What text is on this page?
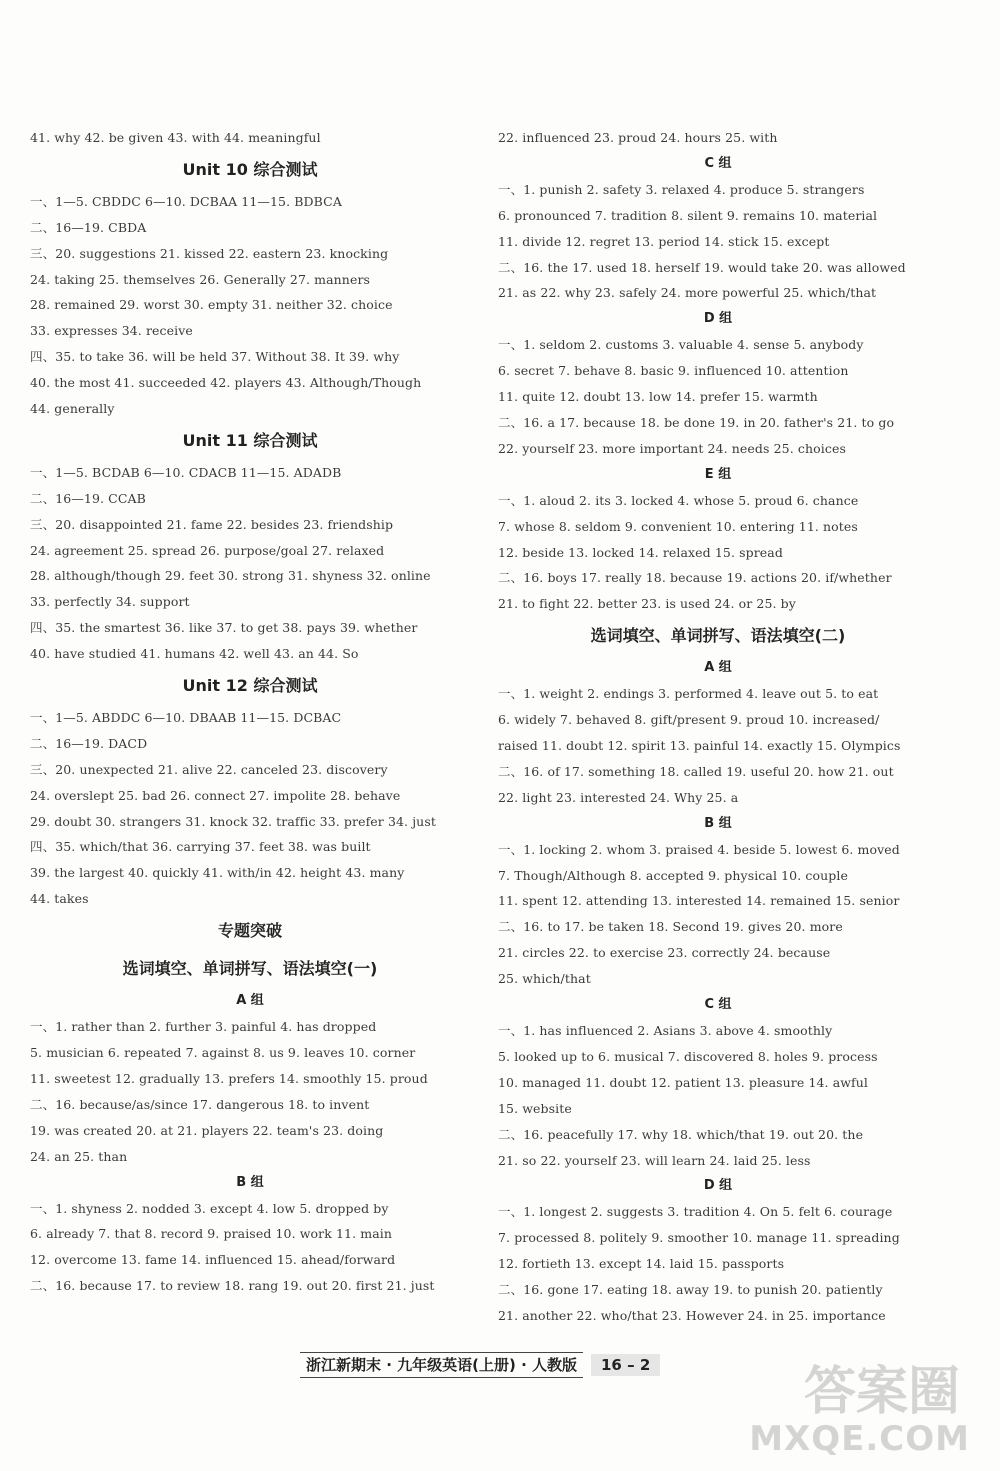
41. why 42. be given 43. with 44. meaningful
Unit 10 综合测试
一、1—5. CBDDC 6—10. DCBAA 11—15. BDBCA
二、16—19. CBDA
三、20. suggestions 21. kissed 22. eastern 23. knocking
24. taking 25. themselves 26. Generally 27. manners
28. remained 29. worst 30. empty 31. neither 32. choice
33. expresses 34. receive
四、35. to take 36. will be held 37. Without 38. It 39. why
40. the most 41. succeeded 42. players 43. Although/Though
44. generally
Unit 11 综合测试
一、1—5. BCDAB 6—10. CDACB 11—15. ADADB
二、16—19. CCAB
三、20. disappointed 21. fame 22. besides 23. friendship
24. agreement 25. spread 26. purpose/goal 27. relaxed
28. although/though 29. feet 30. strong 31. shyness 32. online
33. perfectly 34. support
四、35. the smartest 36. like 37. to get 38. pays 39. whether
40. have studied 41. humans 42. well 43. an 44. So
Unit 12 综合测试
一、1—5. ABDDC 6—10. DBAAB 11—15. DCBAC
二、16—19. DACD
三、20. unexpected 21. alive 22. canceled 23. discovery
24. overslept 25. bad 26. connect 27. impolite 28. behave
29. doubt 30. strangers 31. knock 32. traffic 33. prefer 34. just
四、35. which/that 36. carrying 37. feet 38. was built
39. the largest 40. quickly 41. with/in 42. height 43. many
44. takes
专题突破
选词填空、单词拼写、语法填空(一)
A 组
一、1. rather than 2. further 3. painful 4. has dropped
5. musician 6. repeated 7. against 8. us 9. leaves 10. corner
11. sweetest 12. gradually 13. prefers 14. smoothly 15. proud
二、16. because/as/since 17. dangerous 18. to invent
19. was created 20. at 21. players 22. team's 23. doing
24. an 25. than
B 组
一、1. shyness 2. nodded 3. except 4. low 5. dropped by
6. already 7. that 8. record 9. praised 10. work 11. main
12. overcome 13. fame 14. influenced 15. ahead/forward
二、16. because 17. to review 18. rang 19. out 20. first 21. just
22. influenced 23. proud 24. hours 25. with
C 组
一、1. punish 2. safety 3. relaxed 4. produce 5. strangers
6. pronounced 7. tradition 8. silent 9. remains 10. material
11. divide 12. regret 13. period 14. stick 15. except
二、16. the 17. used 18. herself 19. would take 20. was allowed
21. as 22. why 23. safely 24. more powerful 25. which/that
D 组
一、1. seldom 2. customs 3. valuable 4. sense 5. anybody
6. secret 7. behave 8. basic 9. influenced 10. attention
11. quite 12. doubt 13. low 14. prefer 15. warmth
二、16. a 17. because 18. be done 19. in 20. father's 21. to go
22. yourself 23. more important 24. needs 25. choices
E 组
一、1. aloud 2. its 3. locked 4. whose 5. proud 6. chance
7. whose 8. seldom 9. convenient 10. entering 11. notes
12. beside 13. locked 14. relaxed 15. spread
二、16. boys 17. really 18. because 19. actions 20. if/whether
21. to fight 22. better 23. is used 24. or 25. by
选词填空、单词拼写、语法填空(二)
A 组
一、1. weight 2. endings 3. performed 4. leave out 5. to eat
6. widely 7. behaved 8. gift/present 9. proud 10. increased/
raised 11. doubt 12. spirit 13. painful 14. exactly 15. Olympics
二、16. of 17. something 18. called 19. useful 20. how 21. out
22. light 23. interested 24. Why 25. a
B 组
一、1. locking 2. whom 3. praised 4. beside 5. lowest 6. moved
7. Though/Although 8. accepted 9. physical 10. couple
11. spent 12. attending 13. interested 14. remained 15. senior
二、16. to 17. be taken 18. Second 19. gives 20. more
21. circles 22. to exercise 23. correctly 24. because
25. which/that
C 组
一、1. has influenced 2. Asians 3. above 4. smoothly
5. looked up to 6. musical 7. discovered 8. holes 9. process
10. managed 11. doubt 12. patient 13. pleasure 14. awful
15. website
二、16. peacefully 17. why 18. which/that 19. out 20. the
21. so 22. yourself 23. will learn 24. laid 25. less
D 组
一、1. longest 2. suggests 3. tradition 4. On 5. felt 6. courage
7. processed 8. politely 9. smoother 10. manage 11. spreading
12. fortieth 13. except 14. laid 15. passports
二、16. gone 17. eating 18. away 19. to punish 20. patiently
21. another 22. who/that 23. However 24. in 25. importance
浙江新期末 · 九年级英语(上册) · 人教版	16 – 2	答案圈
MXQE.COM
